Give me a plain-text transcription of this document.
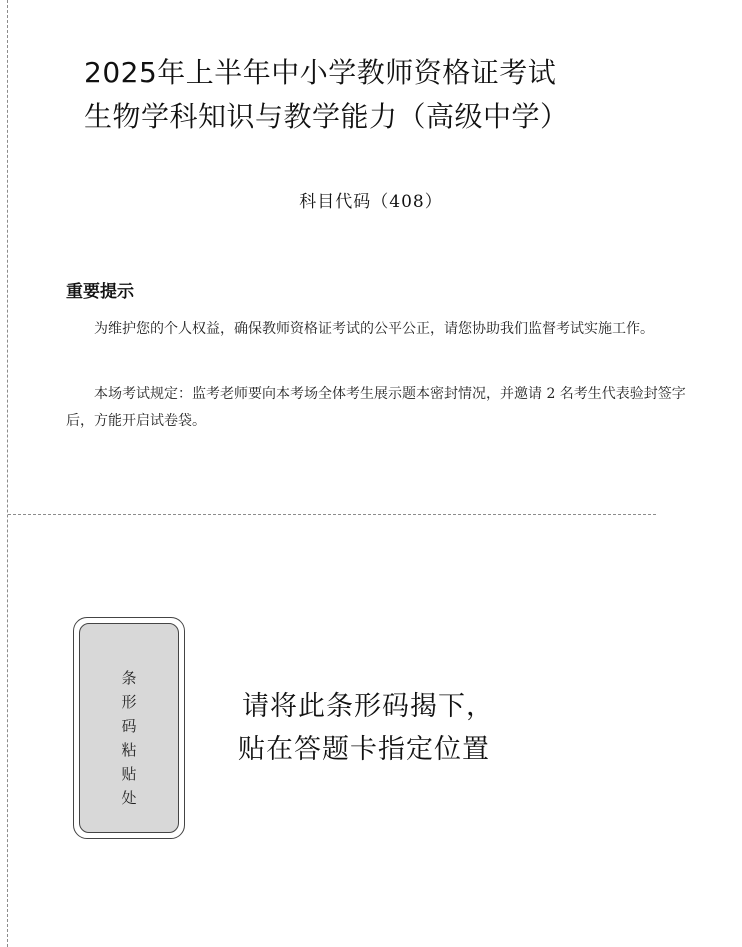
2025年上半年中小学教师资格证考试
生物学科知识与教学能力（高级中学）
科目代码（408）
重要提示

为维护您的个人权益，确保教师资格证考试的公平公正，请您协助我们监督考试实施工作。

本场考试规定：监考老师要向本考场全体考生展示题本密封情况，并邀请 2 名考生代表验封签字后，方能开启试卷袋。

条
形
码
粘
贴
处
请将此条形码揭下，
贴在答题卡指定位置
